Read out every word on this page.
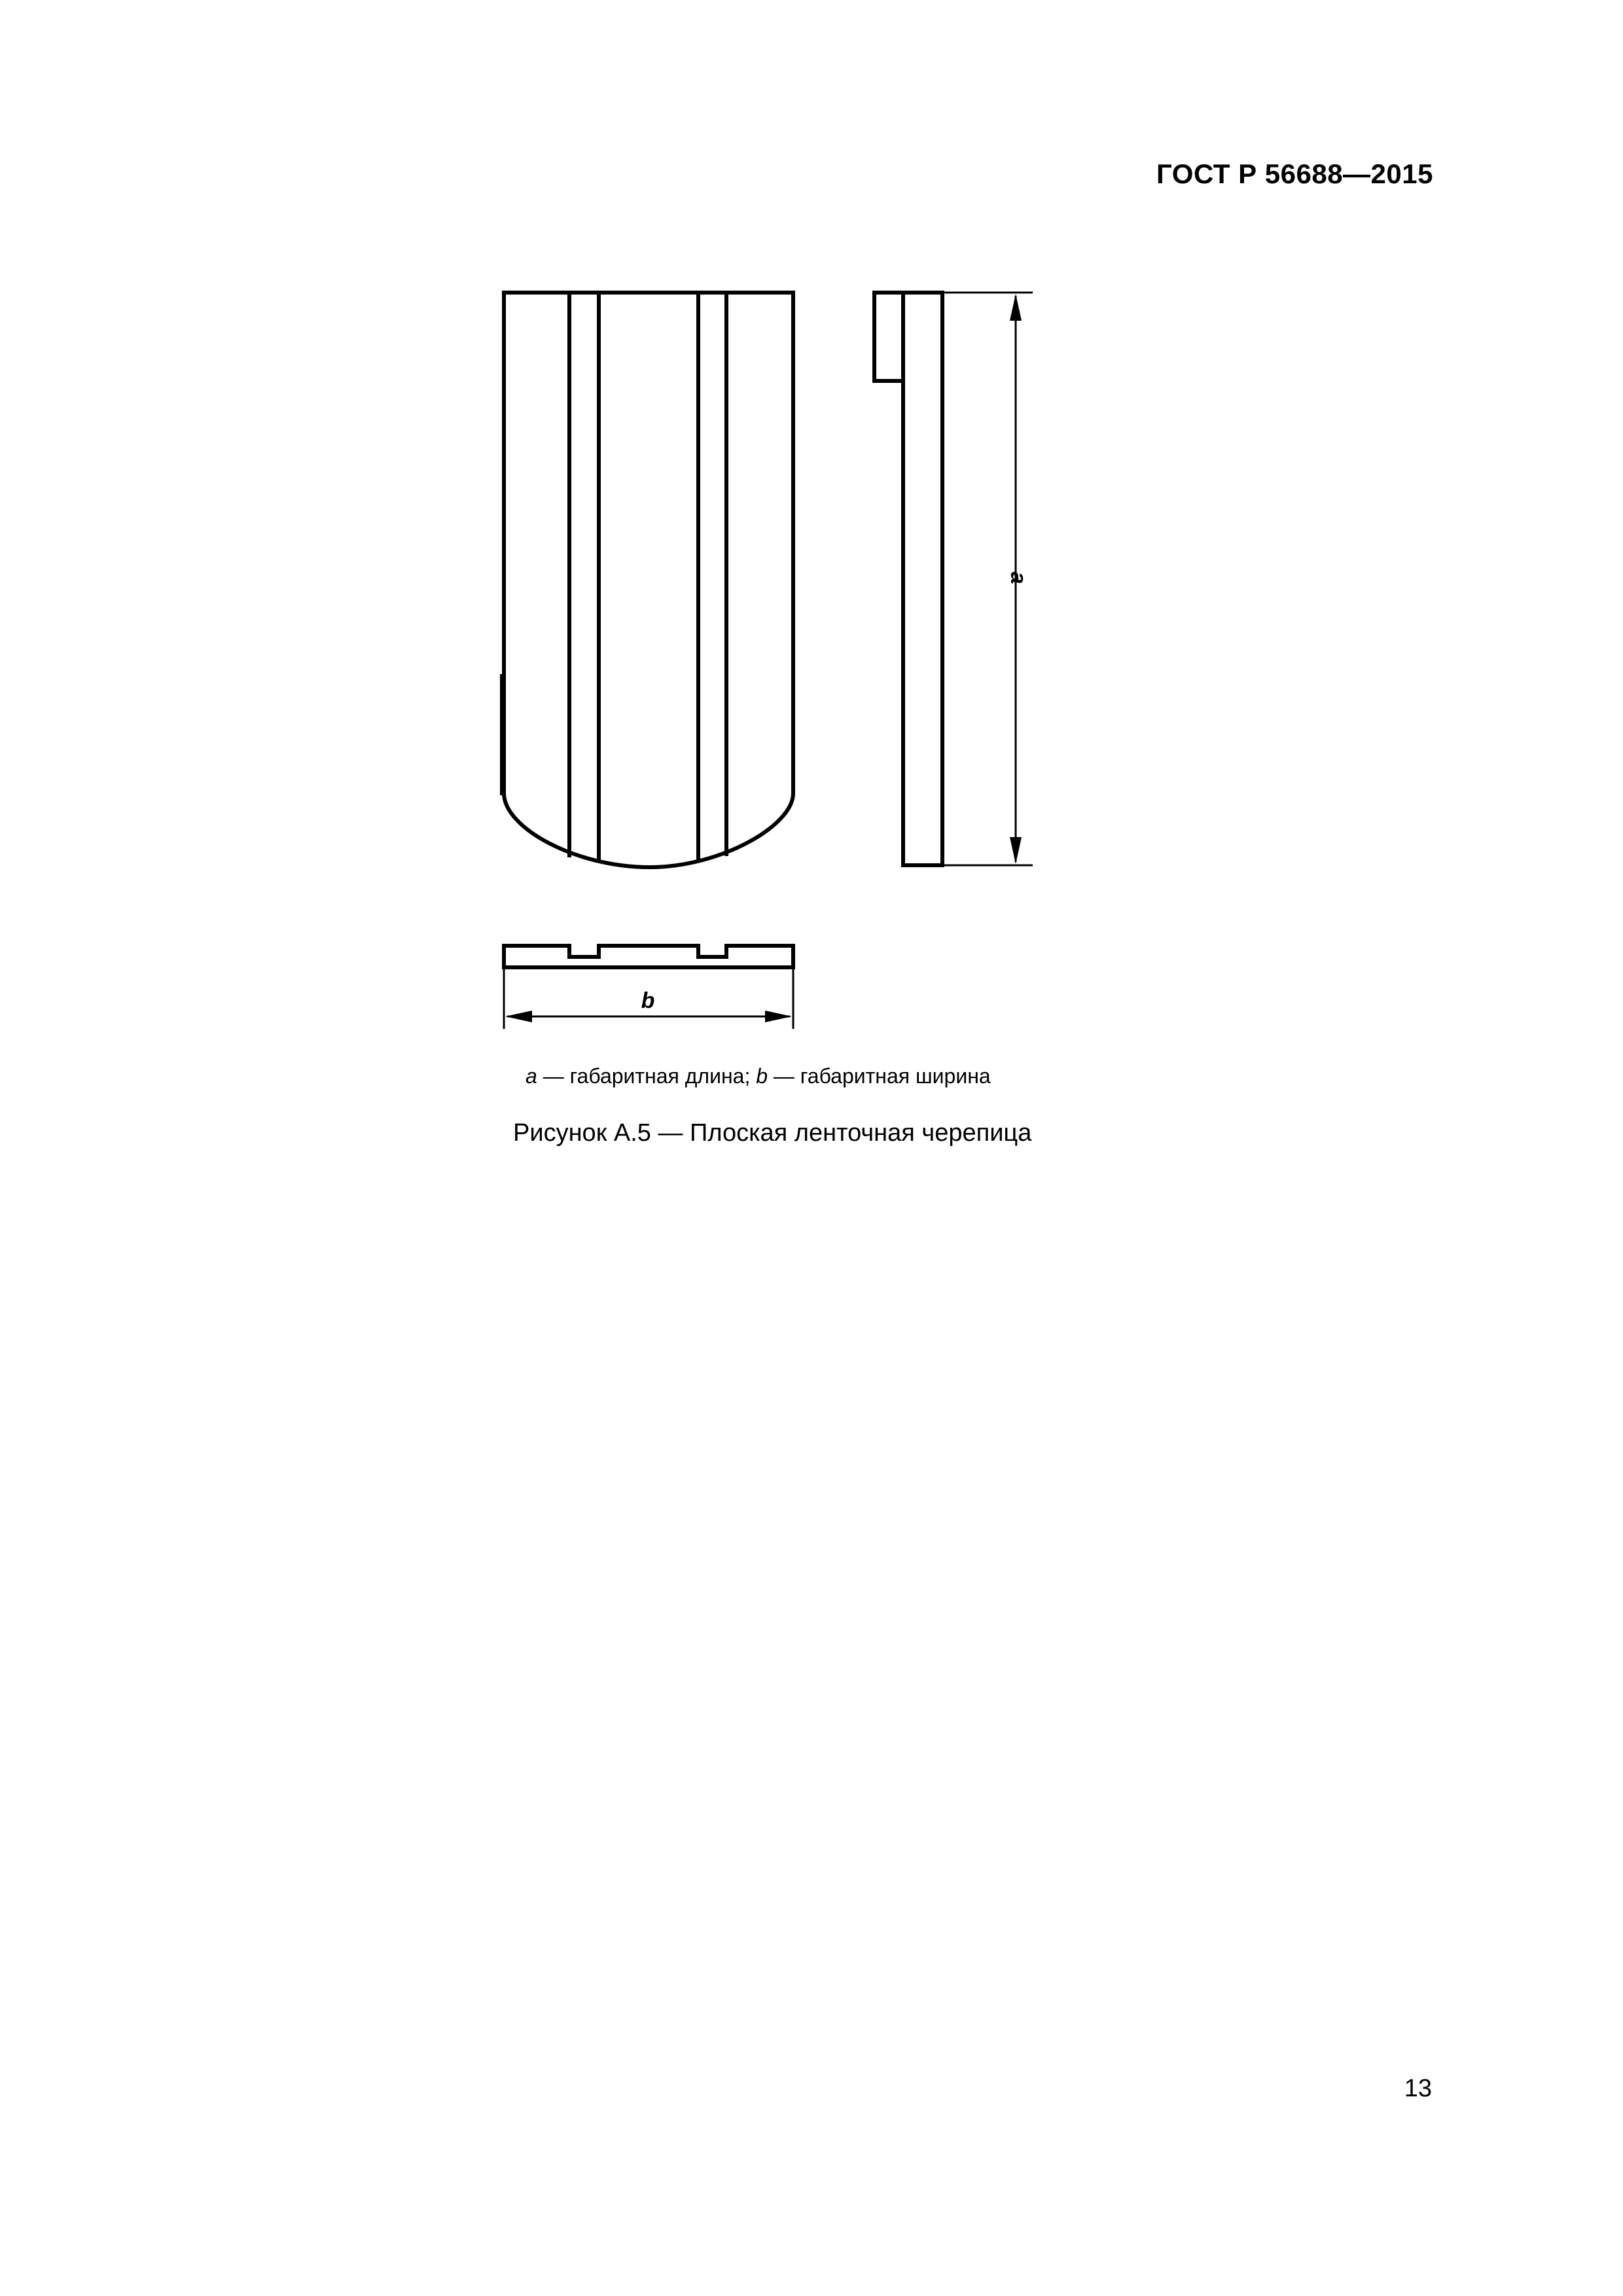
ГОСТ Р 56688—2015
a
b
a — габаритная длина; b — габаритная ширина
Рисунок А.5 — Плоская ленточная черепица
13
